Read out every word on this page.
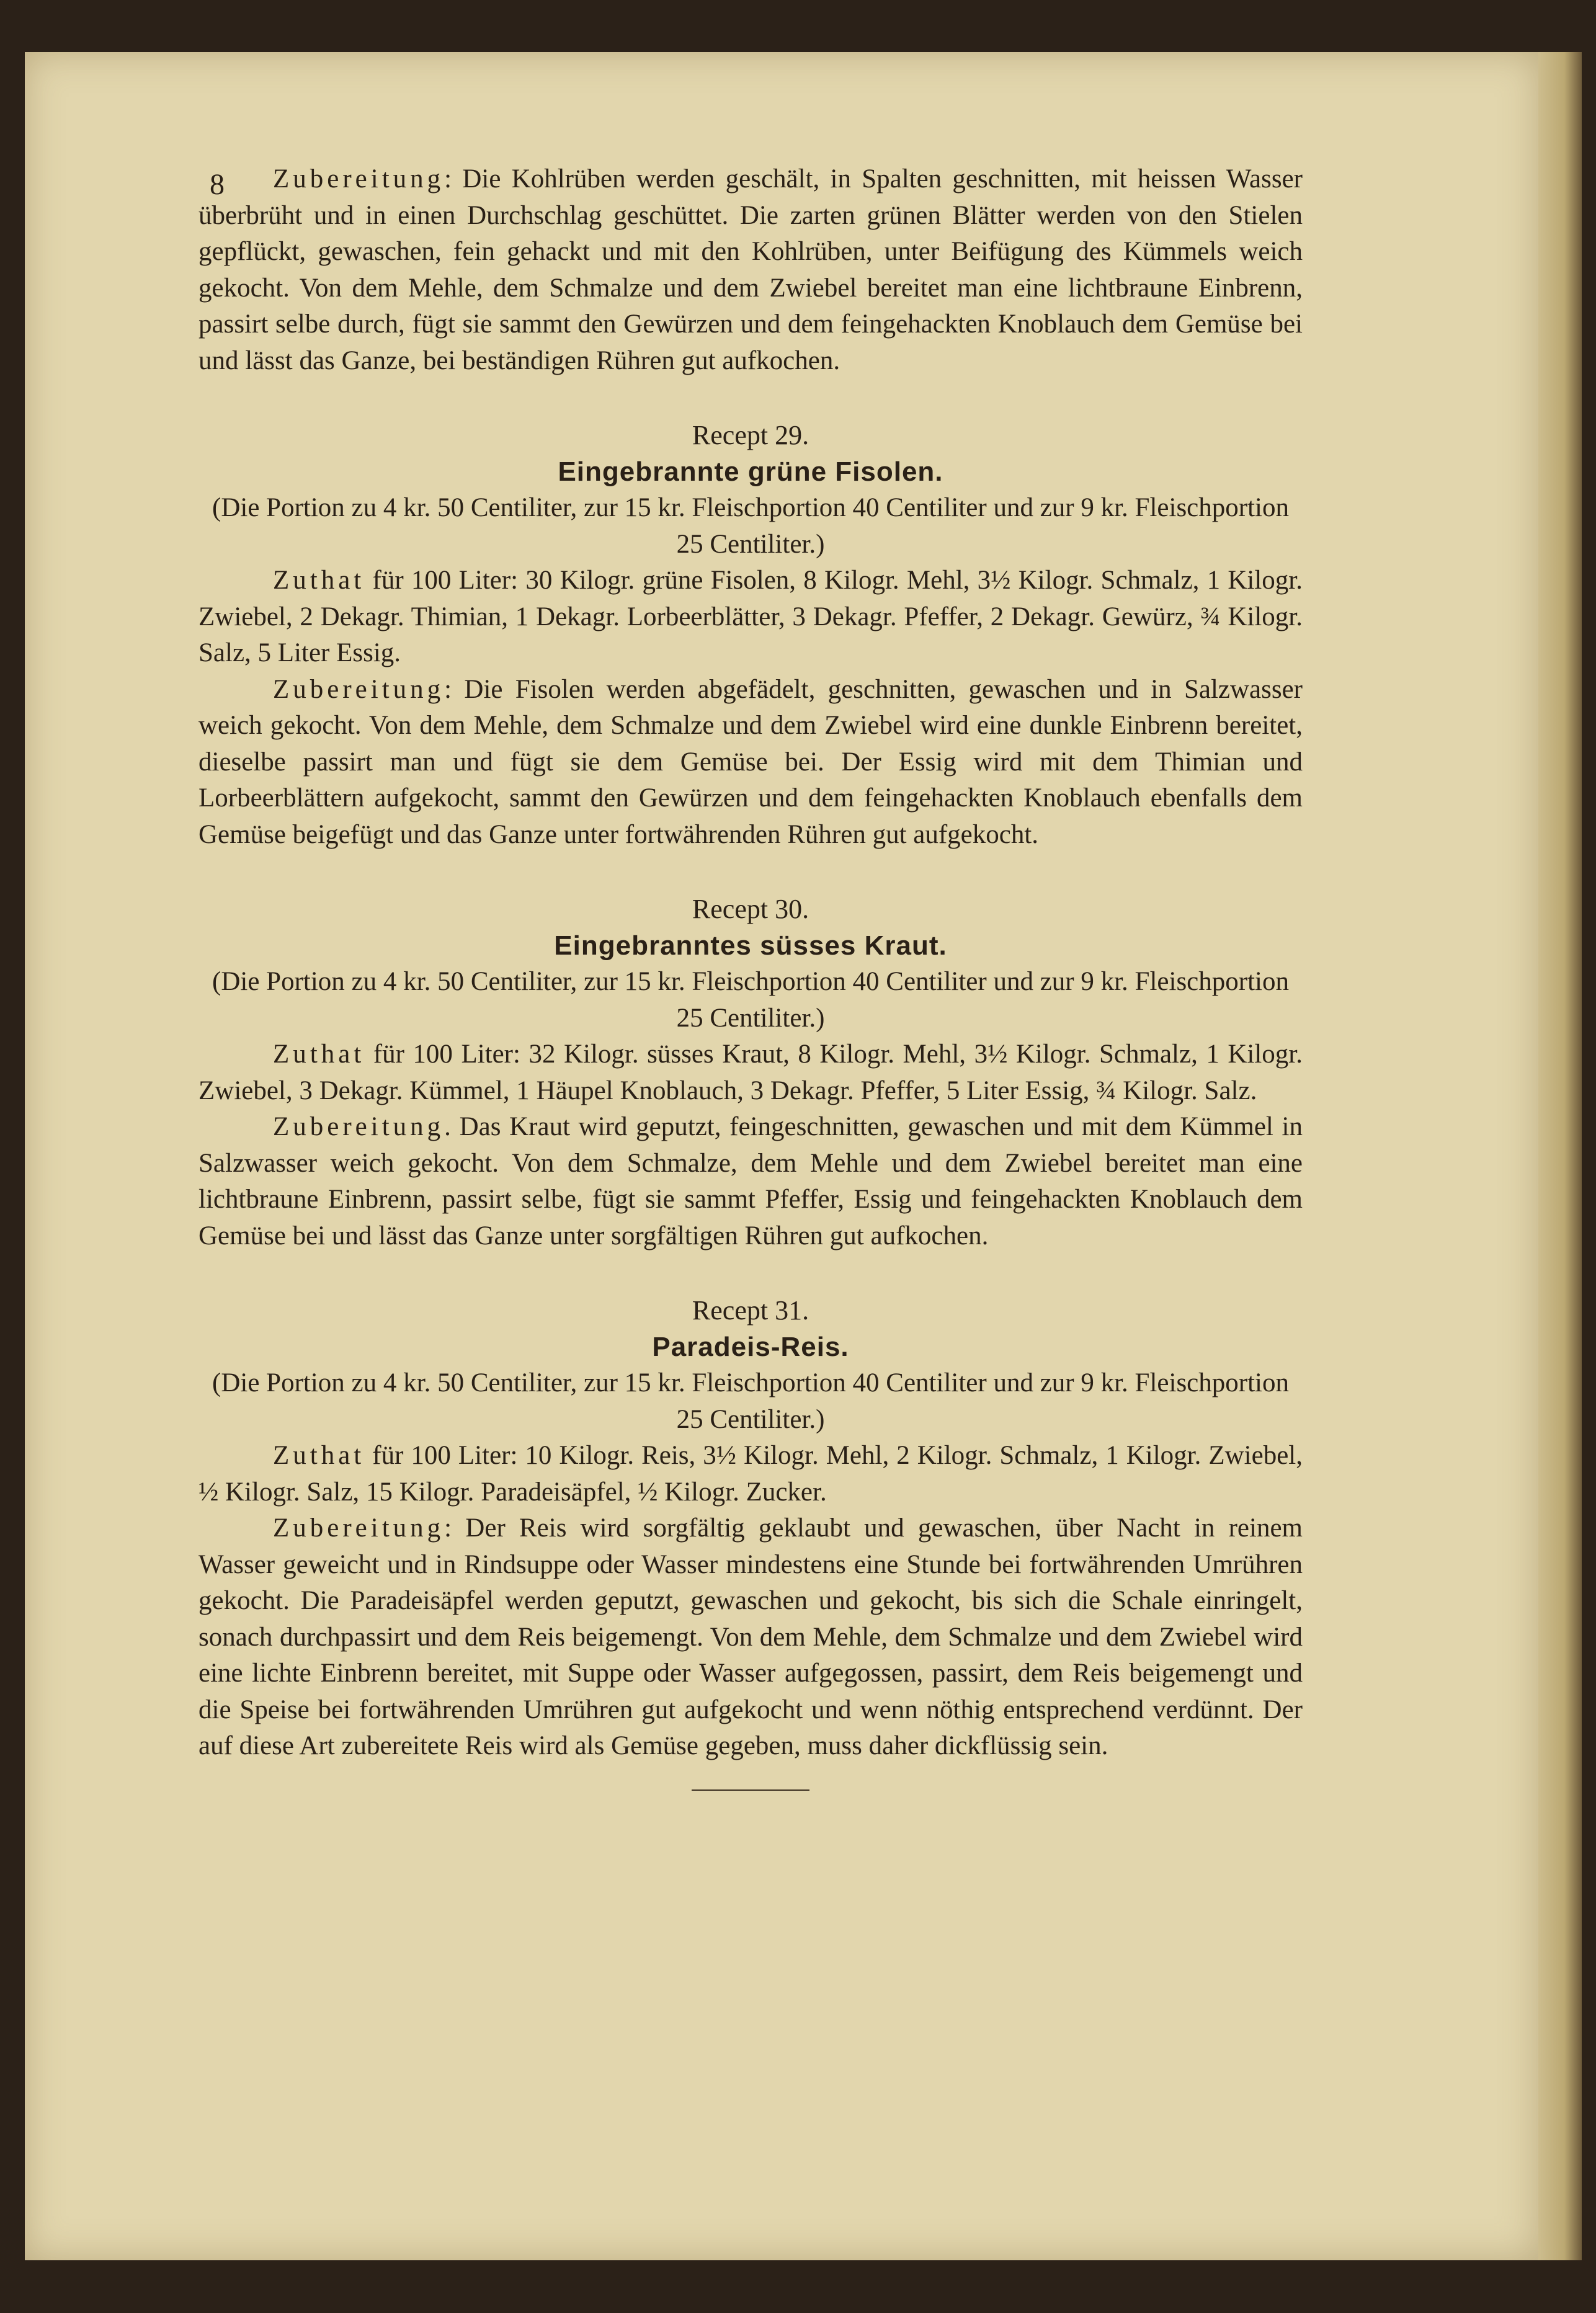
8	Zubereitung: Die Kohlrüben werden geschält, in Spalten geschnitten, mit heissen Wasser überbrüht und in einen Durchschlag geschüttet. Die zarten grünen Blätter werden von den Stielen gepflückt, gewaschen, fein gehackt und mit den Kohlrüben, unter Beifügung des Kümmels weich gekocht. Von dem Mehle, dem Schmalze und dem Zwiebel bereitet man eine lichtbraune Einbrenn, passirt selbe durch, fügt sie sammt den Gewürzen und dem feingehackten Knoblauch dem Gemüse bei und lässt das Ganze, bei beständigen Rühren gut aufkochen.

Recept 29.
Eingebrannte grüne Fisolen.
(Die Portion zu 4 kr. 50 Centiliter, zur 15 kr. Fleischportion 40 Centiliter und zur 9 kr. Fleischportion 25 Centiliter.)

Zuthat für 100 Liter: 30 Kilogr. grüne Fisolen, 8 Kilogr. Mehl, 3½ Kilogr. Schmalz, 1 Kilogr. Zwiebel, 2 Dekagr. Thimian, 1 Dekagr. Lorbeerblätter, 3 Dekagr. Pfeffer, 2 Dekagr. Gewürz, ¾ Kilogr. Salz, 5 Liter Essig.

Zubereitung: Die Fisolen werden abgefädelt, geschnitten, gewaschen und in Salzwasser weich gekocht. Von dem Mehle, dem Schmalze und dem Zwiebel wird eine dunkle Einbrenn bereitet, dieselbe passirt man und fügt sie dem Gemüse bei. Der Essig wird mit dem Thimian und Lorbeerblättern aufgekocht, sammt den Gewürzen und dem feingehackten Knoblauch ebenfalls dem Gemüse beigefügt und das Ganze unter fortwährenden Rühren gut aufgekocht.

Recept 30.
Eingebranntes süsses Kraut.
(Die Portion zu 4 kr. 50 Centiliter, zur 15 kr. Fleischportion 40 Centiliter und zur 9 kr. Fleischportion 25 Centiliter.)

Zuthat für 100 Liter: 32 Kilogr. süsses Kraut, 8 Kilogr. Mehl, 3½ Kilogr. Schmalz, 1 Kilogr. Zwiebel, 3 Dekagr. Kümmel, 1 Häupel Knoblauch, 3 Dekagr. Pfeffer, 5 Liter Essig, ¾ Kilogr. Salz.

Zubereitung. Das Kraut wird geputzt, feingeschnitten, gewaschen und mit dem Kümmel in Salzwasser weich gekocht. Von dem Schmalze, dem Mehle und dem Zwiebel bereitet man eine lichtbraune Einbrenn, passirt selbe, fügt sie sammt Pfeffer, Essig und feingehackten Knoblauch dem Gemüse bei und lässt das Ganze unter sorgfältigen Rühren gut aufkochen.

Recept 31.
Paradeis-Reis.
(Die Portion zu 4 kr. 50 Centiliter, zur 15 kr. Fleischportion 40 Centiliter und zur 9 kr. Fleischportion 25 Centiliter.)

Zuthat für 100 Liter: 10 Kilogr. Reis, 3½ Kilogr. Mehl, 2 Kilogr. Schmalz, 1 Kilogr. Zwiebel, ½ Kilogr. Salz, 15 Kilogr. Paradeisäpfel, ½ Kilogr. Zucker.

Zubereitung: Der Reis wird sorgfältig geklaubt und gewaschen, über Nacht in reinem Wasser geweicht und in Rindsuppe oder Wasser mindestens eine Stunde bei fortwährenden Umrühren gekocht. Die Paradeisäpfel werden geputzt, gewaschen und gekocht, bis sich die Schale einringelt, sonach durchpassirt und dem Reis beigemengt. Von dem Mehle, dem Schmalze und dem Zwiebel wird eine lichte Einbrenn bereitet, mit Suppe oder Wasser aufgegossen, passirt, dem Reis beigemengt und die Speise bei fortwährenden Umrühren gut aufgekocht und wenn nöthig entsprechend verdünnt. Der auf diese Art zubereitete Reis wird als Gemüse gegeben, muss daher dickflüssig sein.
